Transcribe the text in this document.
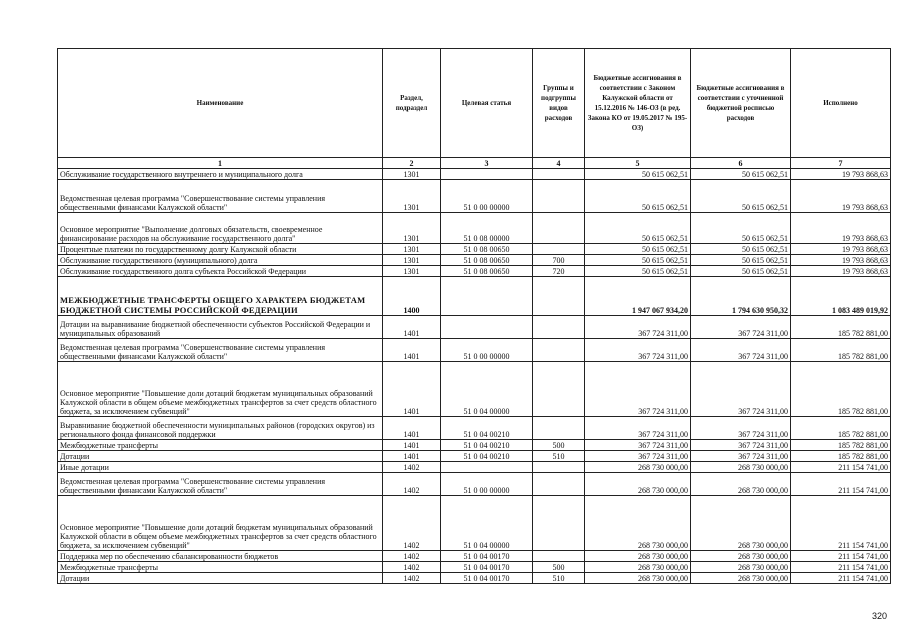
Наименование	Раздел, подраздел	Целевая статья	Группы и подгруппы видов расходов	Бюджетные ассигнования в соответствии с Законом Калужской области от 15.12.2016 № 146-ОЗ (в ред. Закона КО от 19.05.2017 № 195-ОЗ)	Бюджетные ассигнования в соответствии с уточненной бюджетной росписью расходов	Исполнено
1	2	3	4	5	6	7
Обслуживание государственного внутреннего и муниципального долга	1301			50 615 062,51	50 615 062,51	19 793 868,63
Ведомственная целевая программа "Совершенствование системы управления общественными финансами Калужской области"	1301	51 0 00 00000		50 615 062,51	50 615 062,51	19 793 868,63
Основное мероприятие "Выполнение долговых обязательств, своевременное финансирование расходов на обслуживание государственного долга"	1301	51 0 08 00000		50 615 062,51	50 615 062,51	19 793 868,63
Процентные платежи по государственному долгу Калужской области	1301	51 0 08 00650		50 615 062,51	50 615 062,51	19 793 868,63
Обслуживание государственного (муниципального) долга	1301	51 0 08 00650	700	50 615 062,51	50 615 062,51	19 793 868,63
Обслуживание государственного долга субъекта Российской Федерации	1301	51 0 08 00650	720	50 615 062,51	50 615 062,51	19 793 868,63
МЕЖБЮДЖЕТНЫЕ ТРАНСФЕРТЫ ОБЩЕГО ХАРАКТЕРА БЮДЖЕТАМ БЮДЖЕТНОЙ СИСТЕМЫ РОССИЙСКОЙ ФЕДЕРАЦИИ	1400			1 947 067 934,20	1 794 630 950,32	1 083 489 019,92
Дотации на выравнивание бюджетной обеспеченности субъектов Российской Федерации и муниципальных образований	1401			367 724 311,00	367 724 311,00	185 782 881,00
Ведомственная целевая программа "Совершенствование системы управления общественными финансами Калужской области"	1401	51 0 00 00000		367 724 311,00	367 724 311,00	185 782 881,00
Основное мероприятие "Повышение доли дотаций бюджетам муниципальных образований Калужской области в общем объеме межбюджетных трансфертов за счет средств областного бюджета, за исключением субвенций"	1401	51 0 04 00000		367 724 311,00	367 724 311,00	185 782 881,00
Выравнивание бюджетной обеспеченности муниципальных районов (городских округов) из регионального фонда финансовой поддержки	1401	51 0 04 00210		367 724 311,00	367 724 311,00	185 782 881,00
Межбюджетные трансферты	1401	51 0 04 00210	500	367 724 311,00	367 724 311,00	185 782 881,00
Дотации	1401	51 0 04 00210	510	367 724 311,00	367 724 311,00	185 782 881,00
Иные дотации	1402			268 730 000,00	268 730 000,00	211 154 741,00
Ведомственная целевая программа "Совершенствование системы управления общественными финансами Калужской области"	1402	51 0 00 00000		268 730 000,00	268 730 000,00	211 154 741,00
Основное мероприятие "Повышение доли дотаций бюджетам муниципальных образований Калужской области в общем объеме межбюджетных трансфертов за счет средств областного бюджета, за исключением субвенций"	1402	51 0 04 00000		268 730 000,00	268 730 000,00	211 154 741,00
Поддержка мер по обеспечению сбалансированности бюджетов	1402	51 0 04 00170		268 730 000,00	268 730 000,00	211 154 741,00
Межбюджетные трансферты	1402	51 0 04 00170	500	268 730 000,00	268 730 000,00	211 154 741,00
Дотации	1402	51 0 04 00170	510	268 730 000,00	268 730 000,00	211 154 741,00
320
